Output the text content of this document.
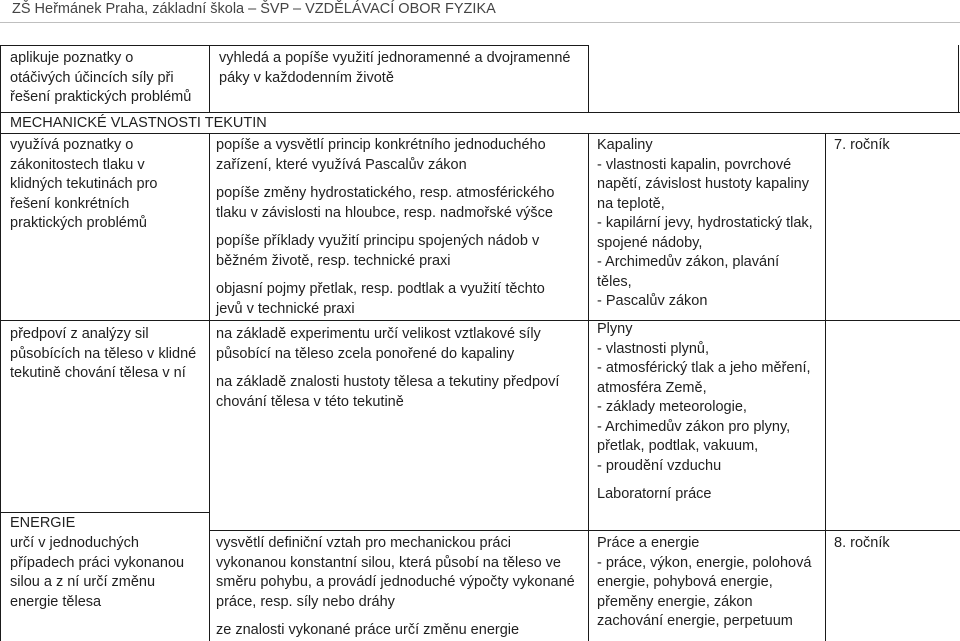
ZŠ Heřmánek Praha, základní škola – ŠVP – VZDĚLÁVACÍ OBOR FYZIKA

aplikuje poznatky o

otáčivých účincích síly při

řešení praktických problémů

vyhledá a popíše využití jednoramenné a dvojramenné

páky v každodenním životě

MECHANICKÉ VLASTNOSTI TEKUTIN

využívá poznatky o

zákonitostech tlaku v

klidných tekutinách pro

řešení konkrétních

praktických problémů

popíše a vysvětlí princip konkrétního jednoduchého

zařízení, které využívá Pascalův zákon

popíše změny hydrostatického, resp. atmosférického

tlaku v závislosti na hloubce, resp. nadmořské výšce

popíše příklady využití principu spojených nádob v

běžném životě, resp. technické praxi

objasní pojmy přetlak, resp. podtlak a využití těchto

jevů v technické praxi

Kapaliny

- vlastnosti kapalin, povrchové

napětí, závislost hustoty kapaliny

na teplotě,

- kapilární jevy, hydrostatický tlak,

spojené nádoby,

- Archimedův zákon, plavání

těles,

- Pascalův zákon

7. ročník

předpoví z analýzy sil

působících na těleso v klidné

tekutině chování tělesa v ní

na základě experimentu určí velikost vztlakové síly

působící na těleso zcela ponořené do kapaliny

na základě znalosti hustoty tělesa a tekutiny předpoví

chování tělesa v této tekutině

Plyny

- vlastnosti plynů,

- atmosférický tlak a jeho měření,

atmosféra Země,

- základy meteorologie,

- Archimedův zákon pro plyny,

přetlak, podtlak, vakuum,

- proudění vzduchu

Laboratorní práce

ENERGIE

určí v jednoduchých

případech práci vykonanou

silou a z ní určí změnu

energie tělesa

vysvětlí definiční vztah pro mechanickou práci

vykonanou konstantní silou, která působí na těleso ve

směru pohybu, a provádí jednoduché výpočty vykonané

práce, resp. síly nebo dráhy

ze znalosti vykonané práce určí změnu energie

Práce a energie

- práce, výkon, energie, polohová

energie, pohybová energie,

přeměny energie, zákon

zachování energie, perpetuum

8. ročník
